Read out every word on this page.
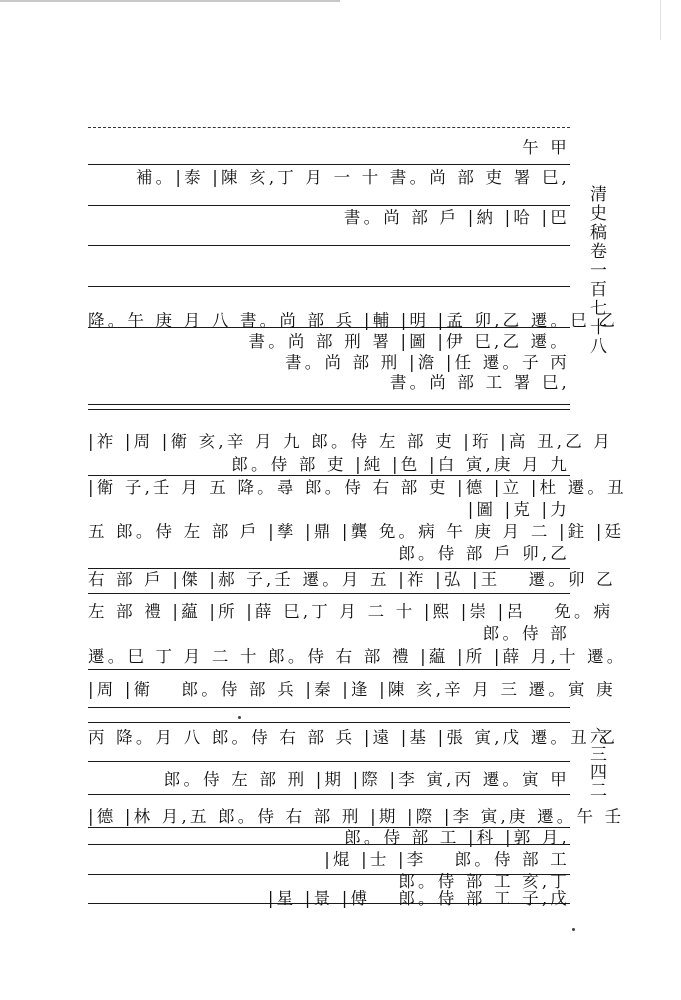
午 甲
補。|泰 |陳 亥,丁 月 一 十 書。尚 部 吏 署 巳,
書。尚 部 戶 |納 |哈 |巴
降。午 庚 月 八 書。尚 部 兵 |輔 |明 |孟 卯,乙 遷。巳 乙
書。尚 部 刑 署 |圖 |伊 巳,乙 遷。
書。尚 部 刑 |澹 |任 遷。子 丙
書。尚 部 工 署 巳,
|祚 |周 |衛 亥,辛 月 九 郎。侍 左 部 吏 |珩 |高 丑,乙 月
郎。侍 部 吏 |純 |色 |白 寅,庚 月 九
|衛 子,壬 月 五 降。尋 郎。侍 右 部 吏 |德 |立 |杜 遷。丑
|圖 |克 |力
五 郎。侍 左 部 戶 |孳 |鼎 |龔 免。病 午 庚 月 二 |鉒 |廷
郎。侍 部 戶 卯,乙
右 部 戶 |傑 |郝 子,壬 遷。月 五 |祚 |弘 |王 　遷。卯 乙
左 部 禮 |藴 |所 |薛 巳,丁 月 二 十 |熙 |崇 |呂 　免。病
郎。侍 部
遷。巳 丁 月 二 十 郎。侍 右 部 禮 |藴 |所 |薛 月,十 遷。
|周 |衛 　郎。侍 部 兵 |秦 |逢 |陳 亥,辛 月 三 遷。寅 庚
丙 降。月 八 郎。侍 右 部 兵 |遠 |基 |張 寅,戊 遷。丑 乙
郎。侍 左 部 刑 |期 |際 |李 寅,丙 遷。寅 甲
|德 |林 月,五 郎。侍 右 部 刑 |期 |際 |李 寅,庚 遷。午 壬
郎。侍 部 工 |科 |郭 月,
|焜 |士 |李 　郎。侍 部 工
郎。侍 部 工 亥,丁
|星 |景 |傅 　郎。侍 部 工 子,戊
清史稿卷一百七十八
六三四二
